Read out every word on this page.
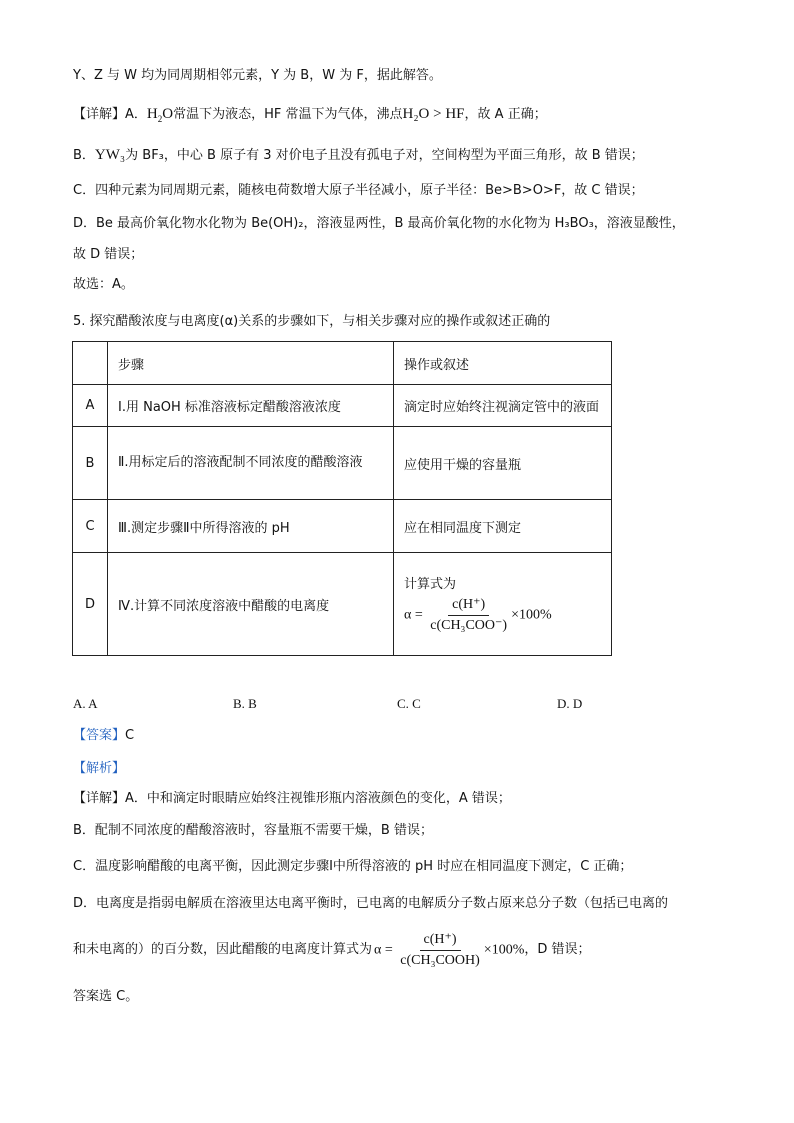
Y、Z 与 W 均为同周期相邻元素，Y 为 B，W 为 F，据此解答。
【详解】A．$H_2O$常温下为液态，HF 常温下为气体，沸点H₂O > HF，故 A 正确；
B．YW₃为 BF₃，中心 B 原子有 3 对价电子且没有孤电子对，空间构型为平面三角形，故 B 错误；
C．四种元素为同周期元素，随核电荷数增大原子半径减小，原子半径：Be>B>O>F，故 C 错误；
D．Be 最高价氧化物水化物为 Be(OH)₂，溶液显两性，B 最高价氧化物的水化物为 H₃BO₃，溶液显酸性，
故 D 错误；
故选：A。
5. 探究醋酸浓度与电离度(α)关系的步骤如下，与相关步骤对应的操作或叙述正确的
	步骤	操作或叙述
A	Ⅰ.用 NaOH 标准溶液标定醋酸溶液浓度	滴定时应始终注视滴定管中的液面
B	Ⅱ.用标定后的溶液配制不同浓度的醋酸溶液	应使用干燥的容量瓶
C	Ⅲ.测定步骤Ⅱ中所得溶液的 pH	应在相同温度下测定
D	Ⅳ.计算不同浓度溶液中醋酸的电离度	计算式为
$\alpha = \frac{c(H^+)}{\text{c(CH₃COO⁻)}} \times 100\%$
A. A	B. B	C. C	D. D
【答案】C
【解析】
【详解】A．中和滴定时眼睛应始终注视锥形瓶内溶液颜色的变化，A 错误；
B．配制不同浓度的醋酸溶液时，容量瓶不需要干燥，B 错误；
C．温度影响醋酸的电离平衡，因此测定步骤Ⅰ中所得溶液的 pH 时应在相同温度下测定，C 正确；
D．电离度是指弱电解质在溶液里达电离平衡时，已电离的电解质分子数占原来总分子数（包括已电离的
和未电离的）的百分数，因此醋酸的电离度计算式为 $\alpha = \frac{c(H^+)}{\text{c(CH₃COOH)}} \times 100\%$ ，D 错误；
答案选 C。
